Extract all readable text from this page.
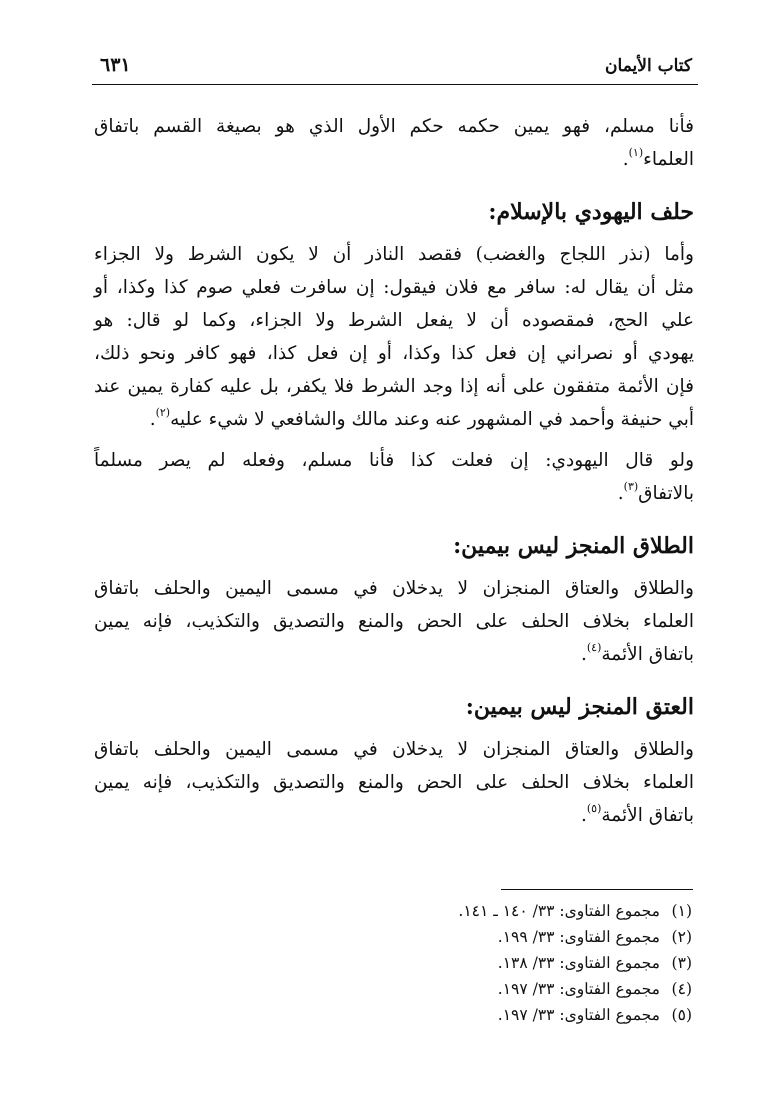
كتاب الأيمان
٦٣١
فأنا مسلم، فهو يمين حكمه حكم الأول الذي هو بصيغة القسم باتفاق
العلماء$^{(١)}$.
حلف اليهودي بالإسلام:
وأما (نذر اللجاج والغضب) فقصد الناذر أن لا يكون الشرط ولا الجزاء
مثل أن يقال له: سافر مع فلان فيقول: إن سافرت فعلي صوم كذا وكذا، أو
علي الحج، فمقصوده أن لا يفعل الشرط ولا الجزاء، وكما لو قال: هو
يهودي أو نصراني إن فعل كذا وكذا، أو إن فعل كذا، فهو كافر ونحو ذلك،
فإن الأئمة متفقون على أنه إذا وجد الشرط فلا يكفر، بل عليه كفارة يمين عند
أبي حنيفة وأحمد في المشهور عنه وعند مالك والشافعي لا شيء عليه$^{(٢)}$.
ولو قال اليهودي: إن فعلت كذا فأنا مسلم، وفعله لم يصر مسلماً
بالاتفاق$^{(٣)}$.
الطلاق المنجز ليس بيمين:
والطلاق والعتاق المنجزان لا يدخلان في مسمى اليمين والحلف باتفاق
العلماء بخلاف الحلف على الحض والمنع والتصديق والتكذيب، فإنه يمين
باتفاق الأئمة$^{(٤)}$.
العتق المنجز ليس بيمين:
والطلاق والعتاق المنجزان لا يدخلان في مسمى اليمين والحلف باتفاق
العلماء بخلاف الحلف على الحض والمنع والتصديق والتكذيب، فإنه يمين
باتفاق الأئمة$^{(٥)}$.
(١)مجموع الفتاوى: ٣٣/ ١٤٠ ـ ١٤١.
(٢)مجموع الفتاوى: ٣٣/ ١٩٩.
(٣)مجموع الفتاوى: ٣٣/ ١٣٨.
(٤)مجموع الفتاوى: ٣٣/ ١٩٧.
(٥)مجموع الفتاوى: ٣٣/ ١٩٧.
